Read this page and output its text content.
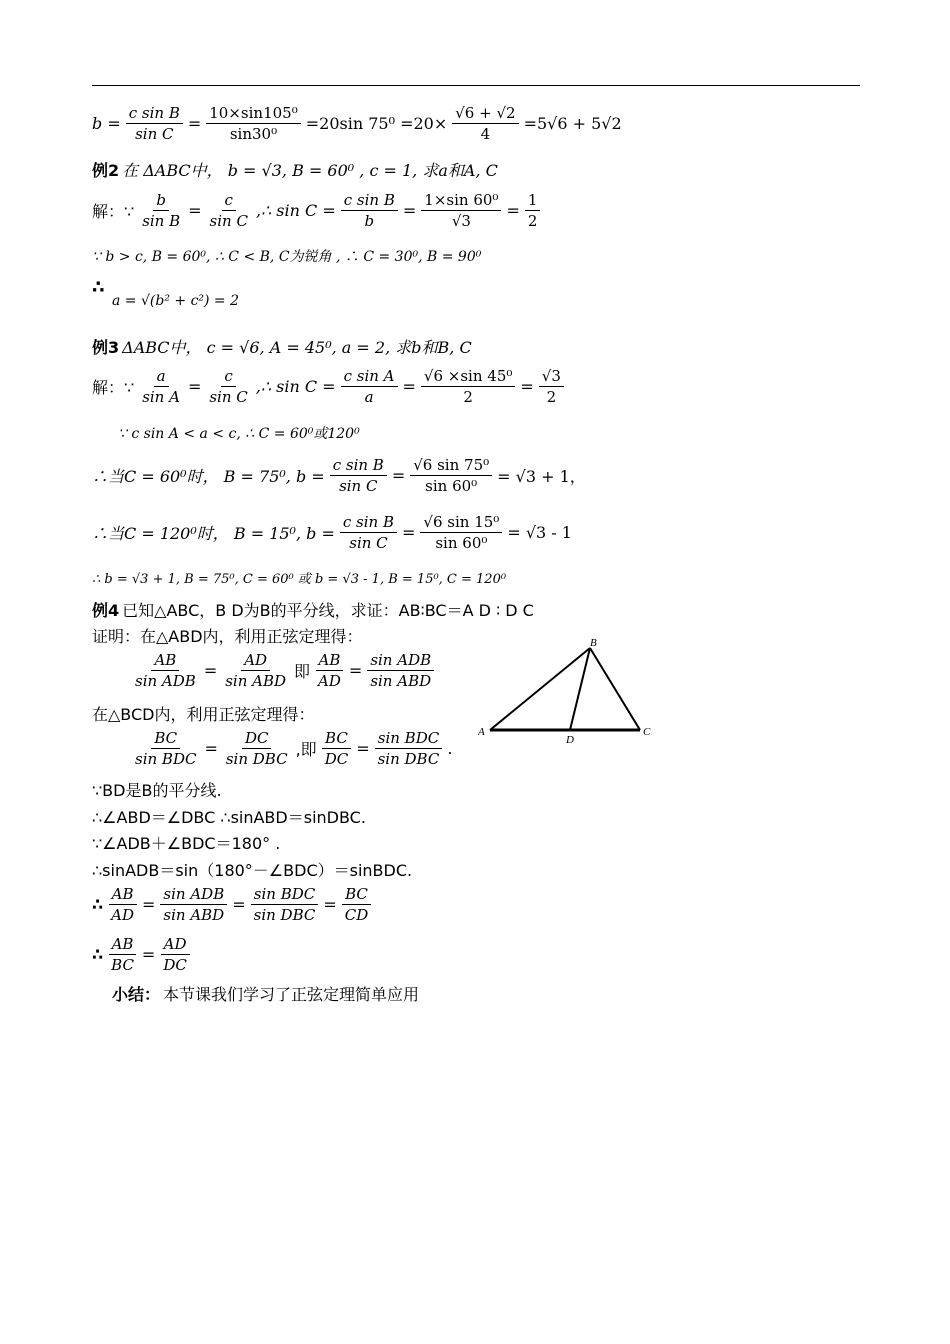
$b = \frac{\text{c sin B}}{\text{sin C}} = \frac{\text{10×sin105⁰}}{\text{sin30⁰}} =20\sin$ $75^0 =20\times \frac{√6 + √2}{4} =5√6 + 5√2$
例2 在 ΔABC中， b = √3, B = 60⁰ , c = 1, 求a和A, C
解：∵ $\frac{b}{\text{sin B}} = \frac{c}{\text{sin C}}$ ,∴ $\sin C = \frac{\text{c sin B}}{b} = \frac{\text{1×sin 60⁰}}{√3} = \frac{1}{2}$
∵ b > c, B = 60⁰, ∴ C < B, C为锐角 , ∴ C = 30⁰, B = 90⁰
∴
a = √(b² + c²) = 2
例3 ΔABC中， c = √6, A = 45⁰, a = 2, 求b和B, C
解：∵ $\frac{a}{\text{sin A}} = \frac{c}{\text{sin C}}$ ,∴ $\sin C = \frac{\text{c sin A}}{a} = \frac{\text{√6 ×sin 45⁰}}{2} = \frac{√3}{2}$
∵ c sin A < a < c, ∴ C = 60⁰或120⁰
∴当C = 60⁰时， B = 75⁰, $b = \frac{\text{c sin B}}{\text{sin C}} = \frac{\text{√6 sin 75⁰}}{\text{sin 60⁰}} = √3 + 1$，
∴当C = 120⁰时， B = 15⁰, $b = \frac{\text{c sin B}}{\text{sin C}} = \frac{\text{√6 sin 15⁰}}{\text{sin 60⁰}} = √3 - 1$
∴ b = √3 + 1, B = 75⁰, C = 60⁰ 或 b = √3 - 1, B = 15⁰, C = 120⁰
例4 已知△ABC，B D为B的平分线，求证：AB∶BC＝A D ∶ D C
证明：在△ABD内，利用正弦定理得：
$\frac{AB}{\text{sin ADB}} = \frac{AD}{\text{sin ABD}}$ 即 $\frac{AB}{AD} = \frac{\text{sin ADB}}{\text{sin ABD}}$
在△BCD内，利用正弦定理得：
$\frac{BC}{\text{sin BDC}} = \frac{DC}{\text{sin DBC}}$ ,即 $\frac{BC}{DC} = \frac{\text{sin BDC}}{\text{sin DBC}}$ .
∵BD是B的平分线.
∴∠ABD＝∠DBC ∴sinABD＝sinDBC.
∵∠ADB＋∠BDC＝180° .
∴sinADB＝sin（180°－∠BDC）＝sinBDC.
∴ $\frac{AB}{AD} = \frac{\text{sin ADB}}{\text{sin ABD}} = \frac{\text{sin BDC}}{\text{sin DBC}} = \frac{BC}{CD}$
∴ $\frac{AB}{BC} = \frac{AD}{DC}$
小结： 本节课我们学习了正弦定理简单应用
A
B
C
D
